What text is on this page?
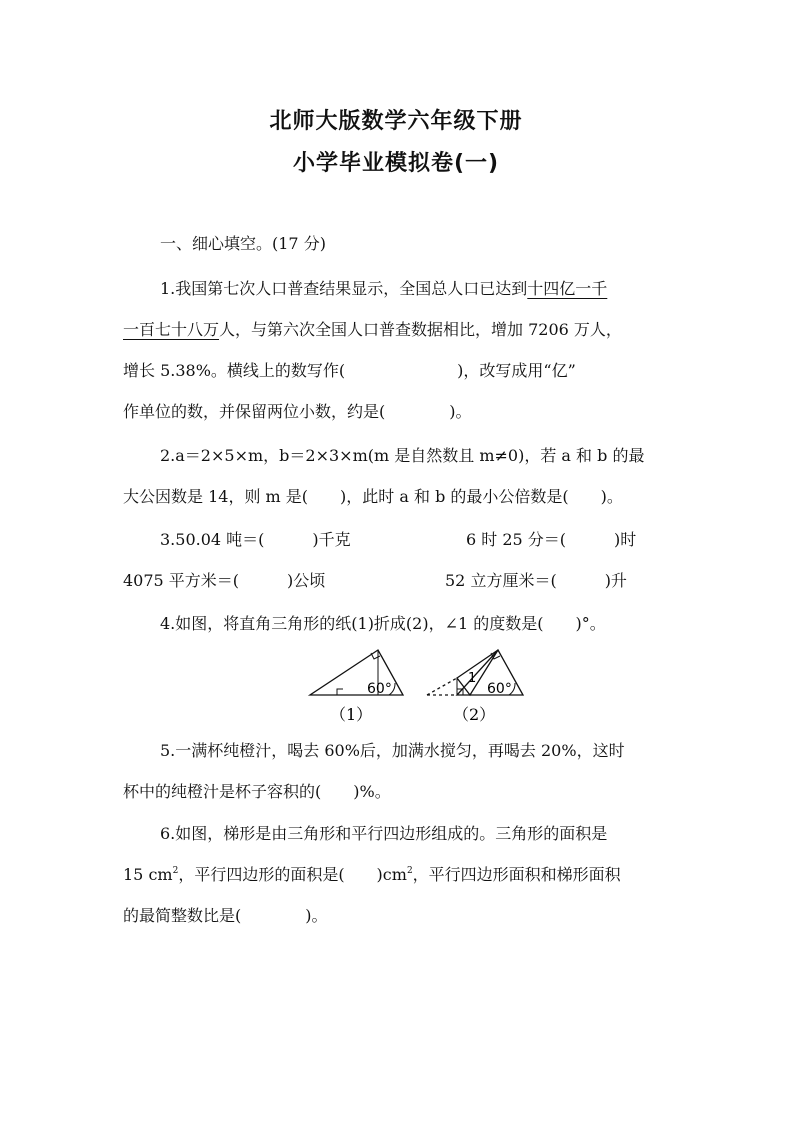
北师大版数学六年级下册
小学毕业模拟卷(一)
一、细心填空。(17 分)
1.我国第七次人口普查结果显示，全国总人口已达到十四亿一千
一百七十八万人，与第六次全国人口普查数据相比，增加 7206 万人，
增长 5.38%。横线上的数写作(　　　　　　　)，改写成用“亿”
作单位的数，并保留两位小数，约是(　　　　)。
2.a＝2×5×m，b＝2×3×m(m 是自然数且 m≠0)，若 a 和 b 的最
大公因数是 14，则 m 是(　　)，此时 a 和 b 的最小公倍数是(　　)。
3.50.04 吨＝(　　　)千克	6 时 25 分＝(　　　)时
4075 平方米＝(　　　)公顷	52 立方厘米＝(　　　)升
4.如图，将直角三角形的纸(1)折成(2)，∠1 的度数是(　　)°。
60°
1
60°
（1）	（2）
5.一满杯纯橙汁，喝去 60%后，加满水搅匀，再喝去 20%，这时
杯中的纯橙汁是杯子容积的(　　)%。
6.如图，梯形是由三角形和平行四边形组成的。三角形的面积是
15 $cm^2$，平行四边形的面积是(　　)$cm^2$，平行四边形面积和梯形面积
的最简整数比是(　　　　)。
